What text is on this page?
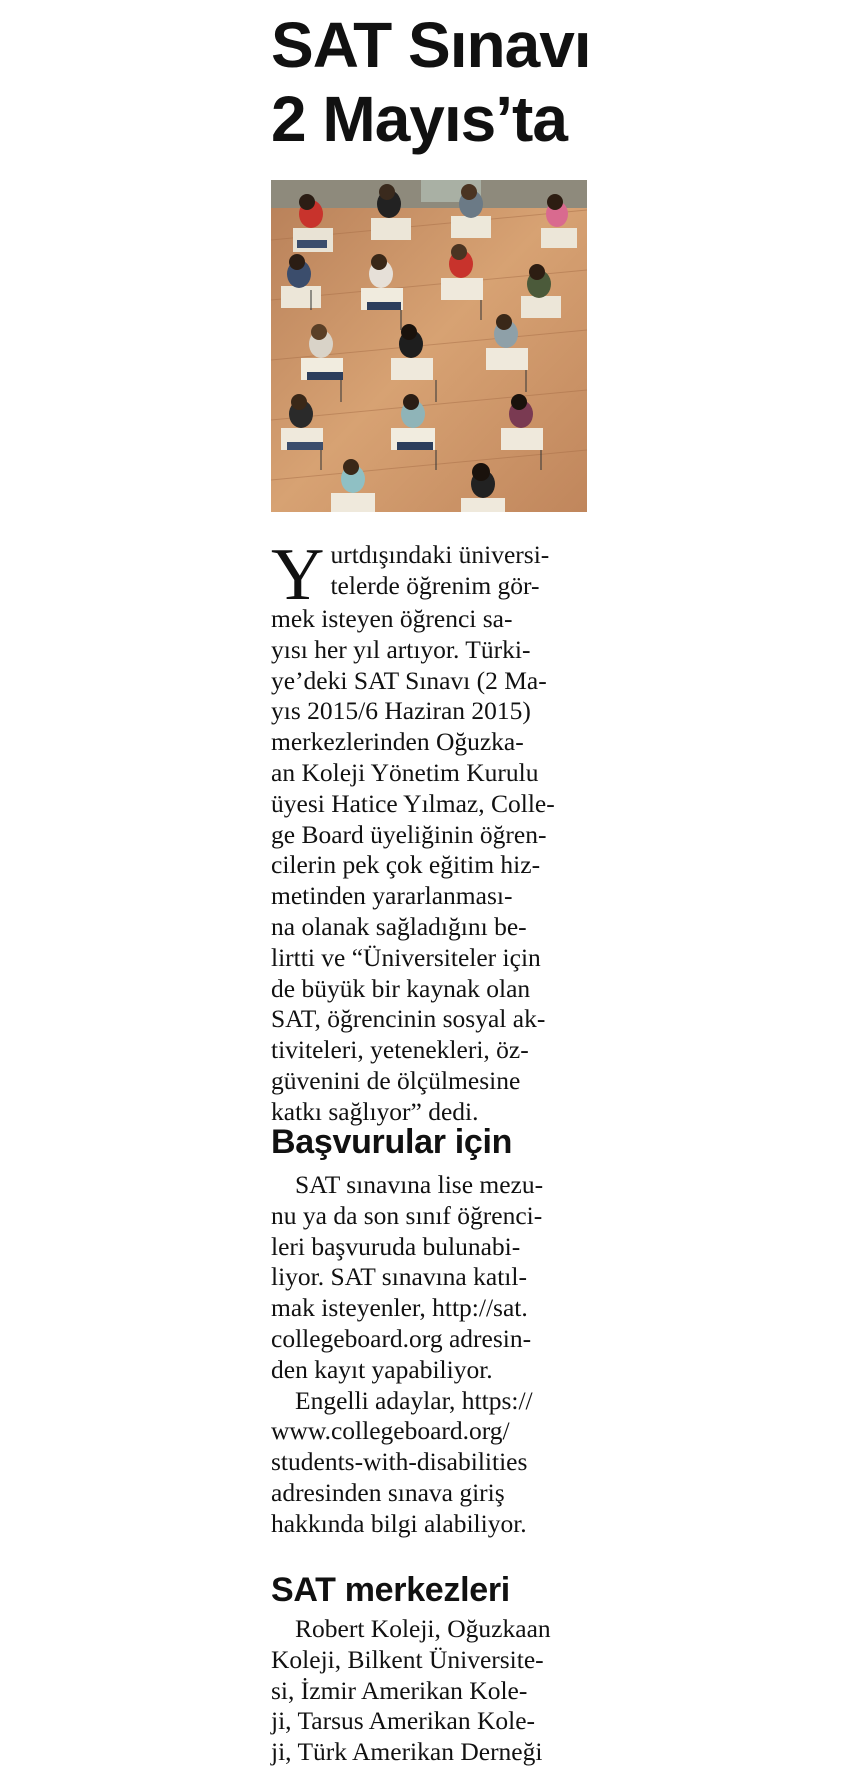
SAT Sınavı
2 Mayıs’ta
Y urtdışındaki üniversi-
telerde öğrenim gör-
mek isteyen öğrenci sa-
yısı her yıl artıyor. Türki-
ye’deki SAT Sınavı (2 Ma-
yıs 2015/6 Haziran 2015)
merkezlerinden Oğuzka-
an Koleji Yönetim Kurulu
üyesi Hatice Yılmaz, Colle-
ge Board üyeliğinin öğren-
cilerin pek çok eğitim hiz-
metinden yararlanması-
na olanak sağladığını be-
lirtti ve “Üniversiteler için
de büyük bir kaynak olan
SAT, öğrencinin sosyal ak-
tiviteleri, yetenekleri, öz-
güvenini de ölçülmesine
katkı sağlıyor” dedi.
Başvurular için
SAT sınavına lise mezu-
nu ya da son sınıf öğrenci-
leri başvuruda bulunabi-
liyor. SAT sınavına katıl-
mak isteyenler, http://sat.
collegeboard.org adresin-
den kayıt yapabiliyor.
Engelli adaylar, https://
www.collegeboard.org/
students-with-disabilities
adresinden sınava giriş
hakkında bilgi alabiliyor.
SAT merkezleri
Robert Koleji, Oğuzkaan
Koleji, Bilkent Üniversite-
si, İzmir Amerikan Kole-
ji, Tarsus Amerikan Kole-
ji, Türk Amerikan Derneği
